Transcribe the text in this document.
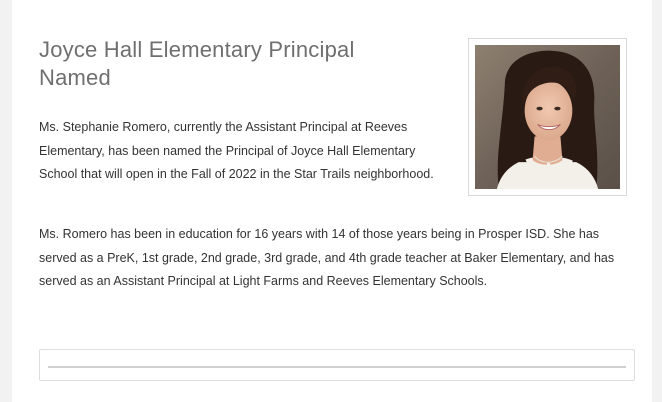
Joyce Hall Elementary Principal Named

Ms. Stephanie Romero, currently the Assistant Principal at Reeves Elementary, has been named the Principal of Joyce Hall Elementary School that will open in the Fall of 2022 in the Star Trails neighborhood.

Ms. Romero has been in education for 16 years with 14 of those years being in Prosper ISD. She has served as a PreK, 1st grade, 2nd grade, 3rd grade, and 4th grade teacher at Baker Elementary, and has served as an Assistant Principal at Light Farms and Reeves Elementary Schools.
